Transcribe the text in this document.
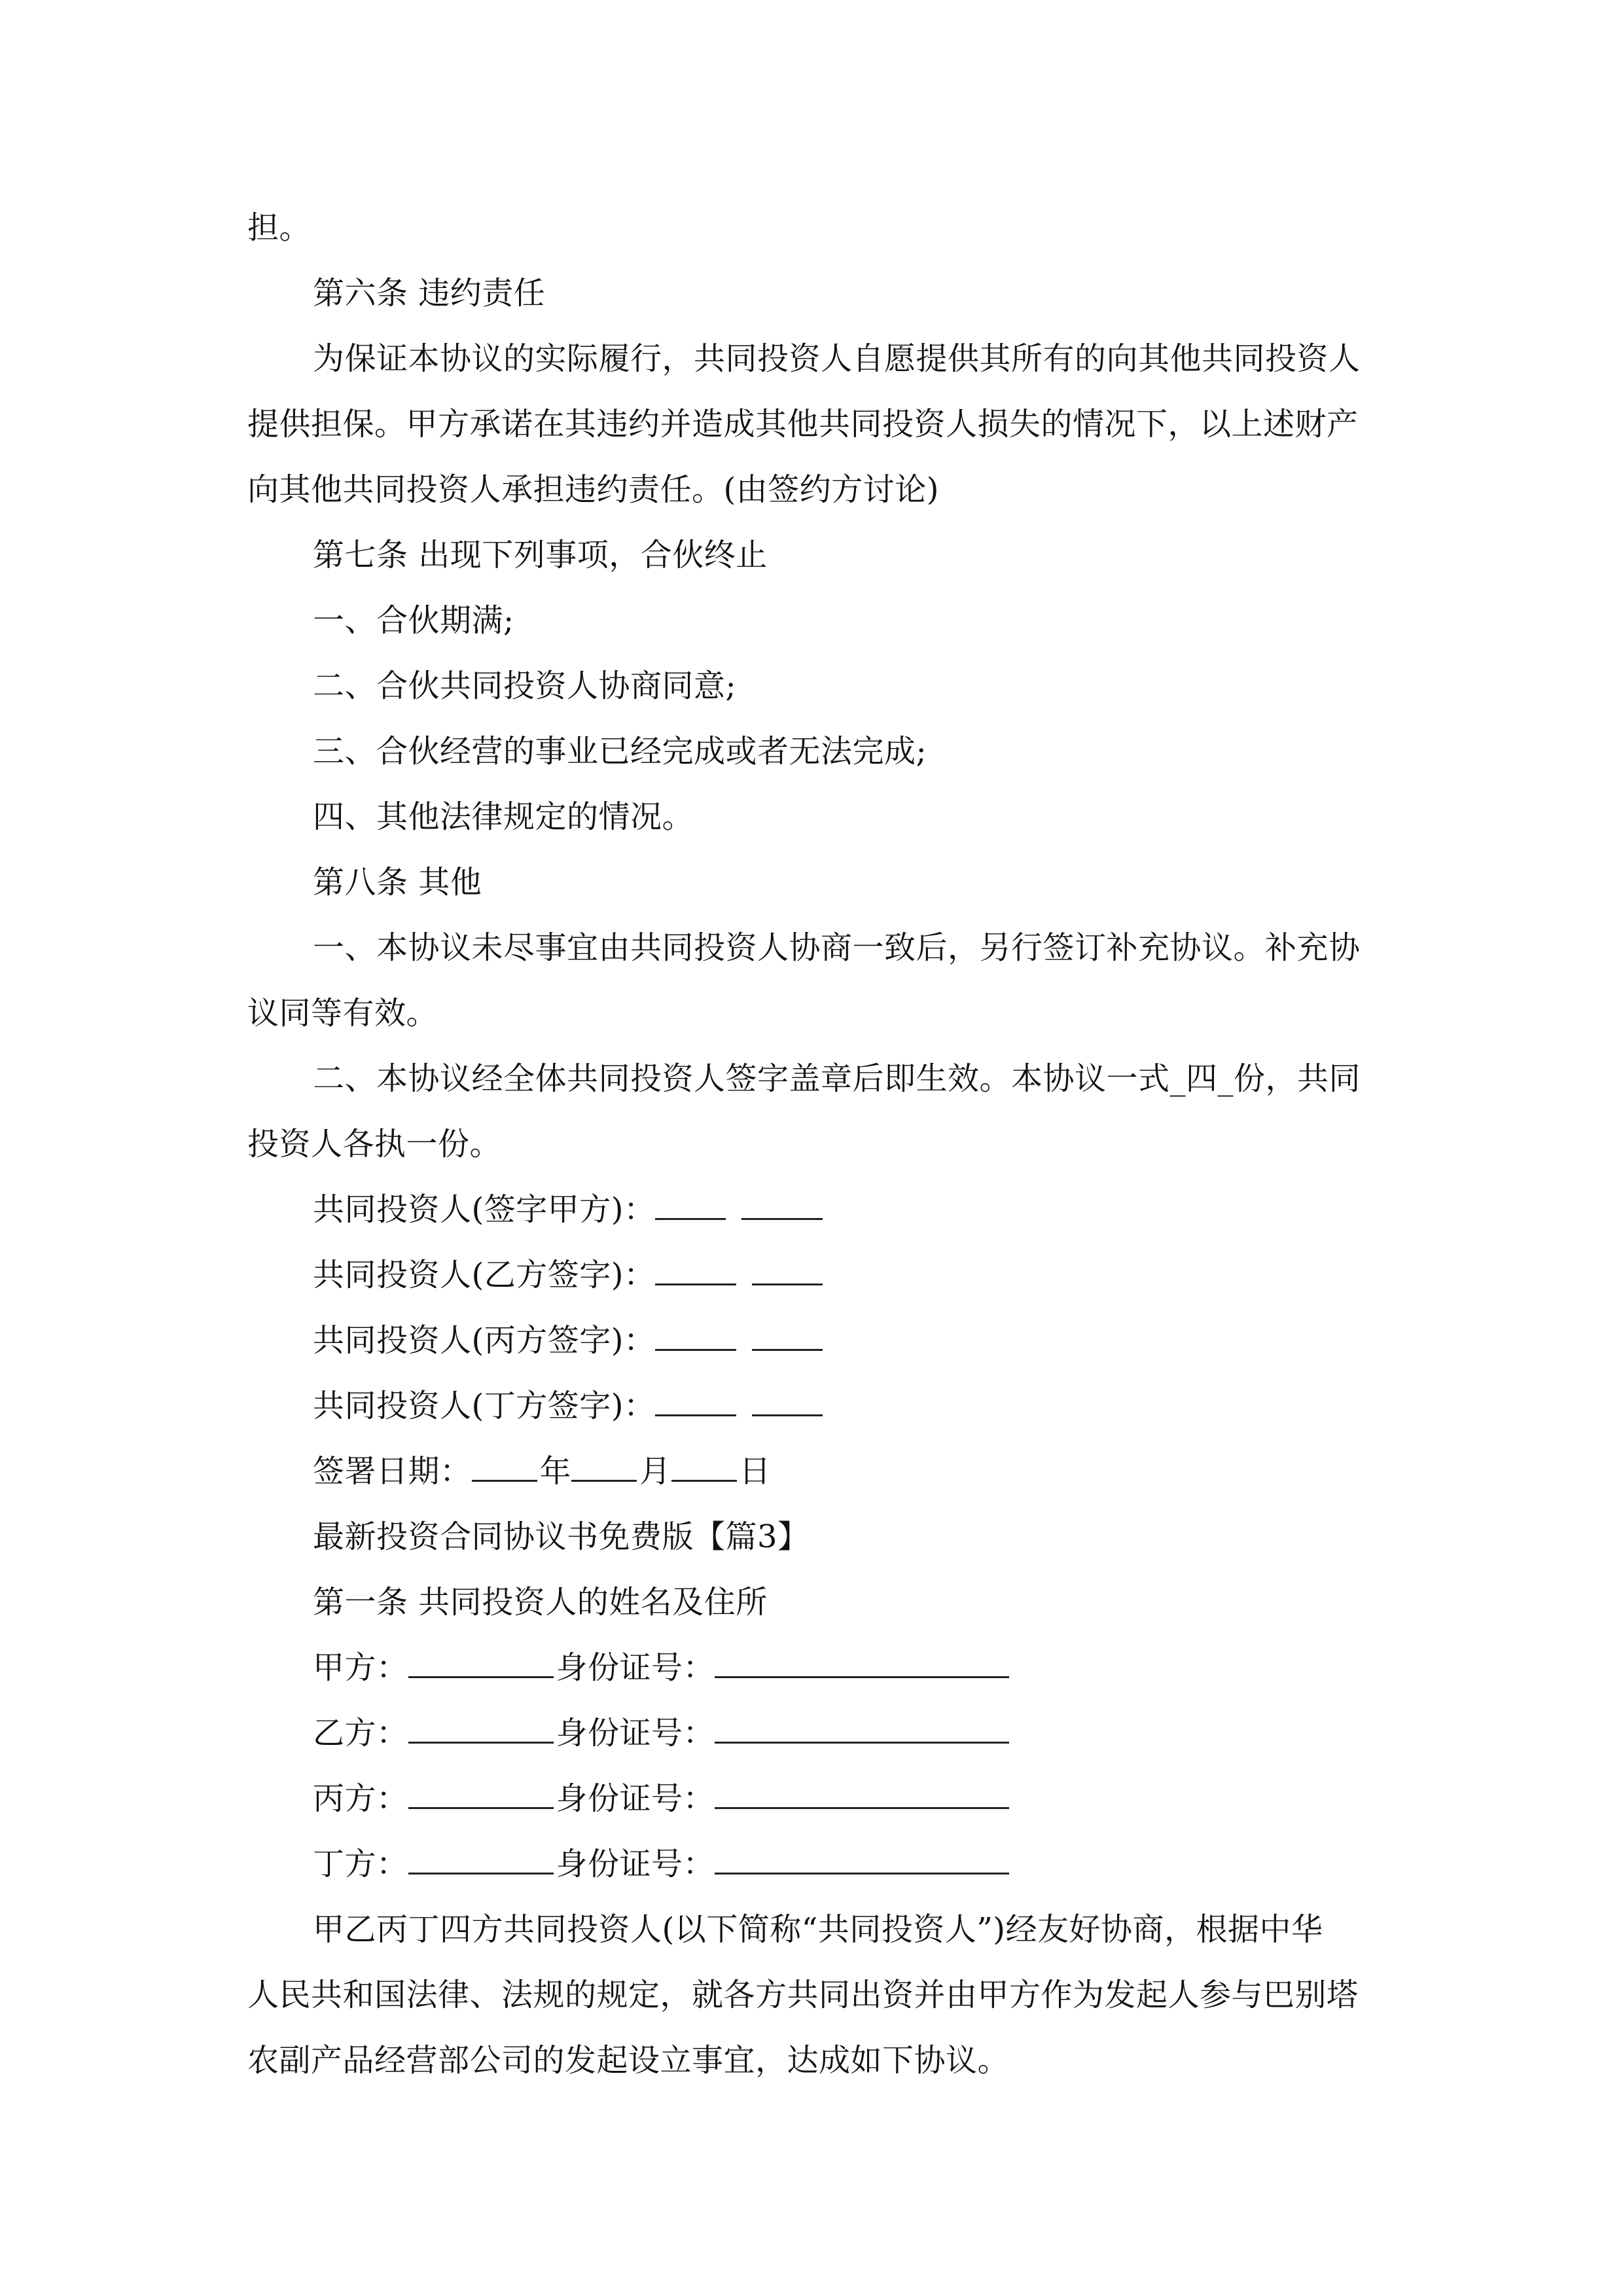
担。
第六条 违约责任
为保证本协议的实际履行，共同投资人自愿提供其所有的向其他共同投资人
提供担保。甲方承诺在其违约并造成其他共同投资人损失的情况下，以上述财产
向其他共同投资人承担违约责任。(由签约方讨论)
第七条 出现下列事项，合伙终止
一、合伙期满;
二、合伙共同投资人协商同意;
三、合伙经营的事业已经完成或者无法完成;
四、其他法律规定的情况。
第八条 其他
一、本协议未尽事宜由共同投资人协商一致后，另行签订补充协议。补充协
议同等有效。
二、本协议经全体共同投资人签字盖章后即生效。本协议一式_四_份，共同
投资人各执一份。
共同投资人(签字甲方)：
共同投资人(乙方签字)：
共同投资人(丙方签字)：
共同投资人(丁方签字)：
签署日期： 年 月 日
最新投资合同协议书免费版【篇3】
第一条 共同投资人的姓名及住所
甲方：	身份证号：
乙方：	身份证号：
丙方：	身份证号：
丁方：	身份证号：
甲乙丙丁四方共同投资人(以下简称“共同投资人”)经友好协商，根据中华
人民共和国法律、法规的规定，就各方共同出资并由甲方作为发起人参与巴别塔
农副产品经营部公司的发起设立事宜，达成如下协议。
